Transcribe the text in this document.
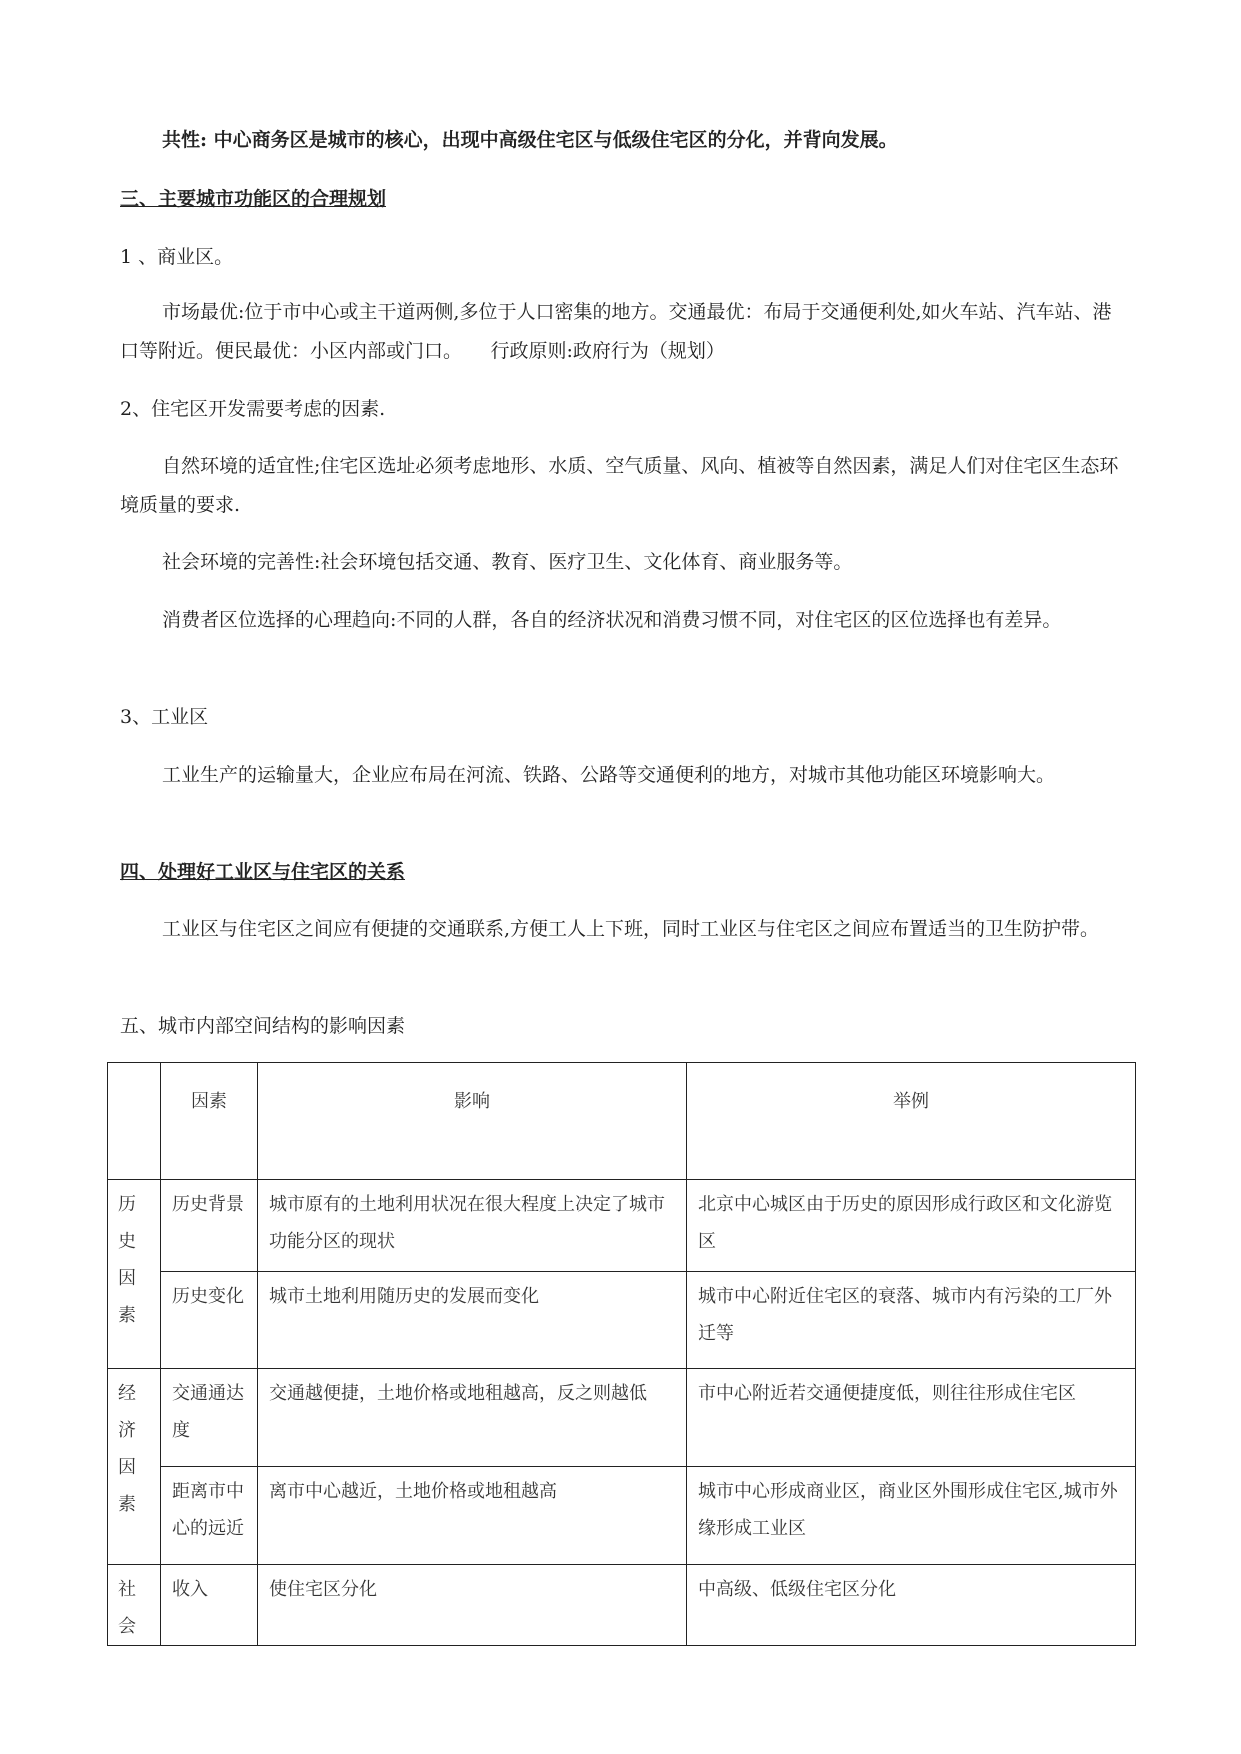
共性: 中心商务区是城市的核心，出现中高级住宅区与低级住宅区的分化，并背向发展。

三、主要城市功能区的合理规划

1 、商业区。

市场最优:位于市中心或主干道两侧,多位于人口密集的地方。交通最优：布局于交通便利处,如火车站、汽车站、港口等附近。便民最优：小区内部或门口。　　行政原则:政府行为（规划）

2、住宅区开发需要考虑的因素.

自然环境的适宜性;住宅区选址必须考虑地形、水质、空气质量、风向、植被等自然因素，满足人们对住宅区生态环境质量的要求.

社会环境的完善性:社会环境包括交通、教育、医疗卫生、文化体育、商业服务等。

消费者区位选择的心理趋向:不同的人群，各自的经济状况和消费习惯不同，对住宅区的区位选择也有差异。

3、工业区

工业生产的运输量大，企业应布局在河流、铁路、公路等交通便利的地方，对城市其他功能区环境影响大。

四、处理好工业区与住宅区的关系

工业区与住宅区之间应有便捷的交通联系,方便工人上下班，同时工业区与住宅区之间应布置适当的卫生防护带。

五、城市内部空间结构的影响因素

	因素	影响	举例
历史因素	历史背景	城市原有的土地利用状况在很大程度上决定了城市功能分区的现状	北京中心城区由于历史的原因形成行政区和文化游览区
	历史变化	城市土地利用随历史的发展而变化	城市中心附近住宅区的衰落、城市内有污染的工厂外迁等
经济因素	交通通达度	交通越便捷，土地价格或地租越高，反之则越低	市中心附近若交通便捷度低，则往往形成住宅区
	距离市中心的远近	离市中心越近，土地价格或地租越高	城市中心形成商业区，商业区外围形成住宅区,城市外缘形成工业区
社会	收入	使住宅区分化	中高级、低级住宅区分化
